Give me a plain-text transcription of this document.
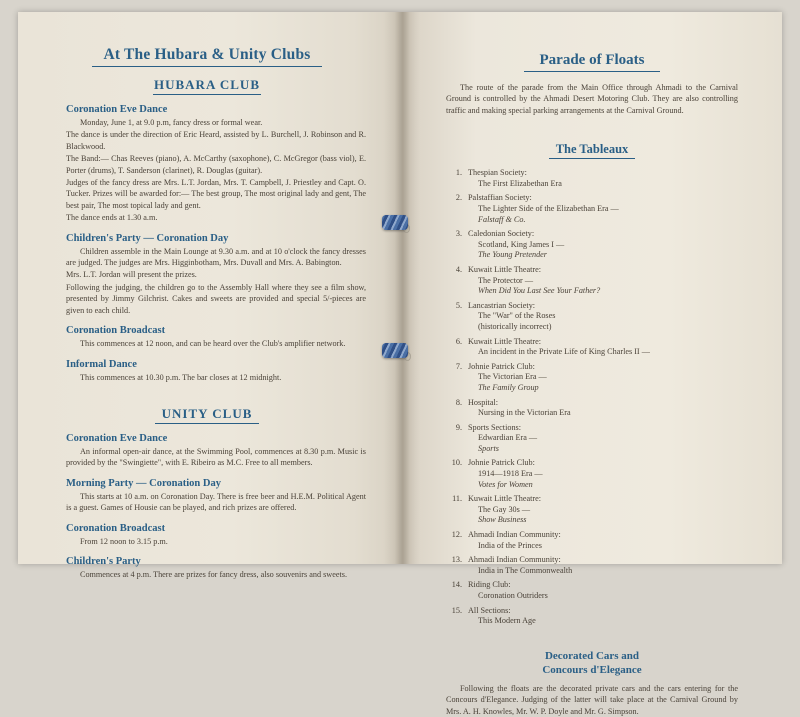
At The Hubara & Unity Clubs
HUBARA CLUB
Coronation Eve Dance

Monday, June 1, at 9.0 p.m, fancy dress or formal wear.

The dance is under the direction of Eric Heard, assisted by L. Burchell, J. Robinson and R. Blackwood.

The Band:— Chas Reeves (piano), A. McCarthy (saxophone), C. McGregor (bass viol), E. Porter (drums), T. Sanderson (clarinet), R. Douglas (guitar).

Judges of the fancy dress are Mrs. L.T. Jordan, Mrs. T. Campbell, J. Priestley and Capt. O. Tucker. Prizes will be awarded for:— The best group, The most original lady and gent, The best pair, The most topical lady and gent.

The dance ends at 1.30 a.m.

Children's Party — Coronation Day

Children assemble in the Main Lounge at 9.30 a.m. and at 10 o'clock the fancy dresses are judged. The judges are Mrs. Higginbotham, Mrs. Duvall and Mrs. A. Babington.

Mrs. L.T. Jordan will present the prizes.

Following the judging, the children go to the Assembly Hall where they see a film show, presented by Jimmy Gilchrist. Cakes and sweets are provided and special 5/-pieces are given to each child.

Coronation Broadcast

This commences at 12 noon, and can be heard over the Club's amplifier network.

Informal Dance

This commences at 10.30 p.m. The bar closes at 12 midnight.

UNITY CLUB
Coronation Eve Dance

An informal open-air dance, at the Swimming Pool, commences at 8.30 p.m. Music is provided by the "Swingiette", with E. Ribeiro as M.C. Free to all members.

Morning Party — Coronation Day

This starts at 10 a.m. on Coronation Day. There is free beer and H.E.M. Political Agent is a guest. Games of Housie can be played, and rich prizes are offered.

Coronation Broadcast

From 12 noon to 3.15 p.m.

Children's Party

Commences at 4 p.m. There are prizes for fancy dress, also souvenirs and sweets.

Parade of Floats

The route of the parade from the Main Office through Ahmadi to the Carnival Ground is controlled by the Ahmadi Desert Motoring Club. They are also controlling traffic and making special parking arrangements at the Carnival Ground.

The Tableaux
1. Thespian Society:
The First Elizabethan Era
2. Palstaffian Society:
The Lighter Side of the Elizabethan Era —
Falstaff & Co.
3. Caledonian Society:
Scotland, King James I —
The Young Pretender
4. Kuwait Little Theatre:
The Protector —
When Did You Last See Your Father?
5. Lancastrian Society:
The "War" of the Roses
(historically incorrect)
6. Kuwait Little Theatre:
An incident in the Private Life of King Charles II —
7. Johnie Patrick Club:
The Victorian Era —
The Family Group
8. Hospital:
Nursing in the Victorian Era
9. Sports Sections:
Edwardian Era —
Sports
10. Johnie Patrick Club:
1914—1918 Era —
Votes for Women
11. Kuwait Little Theatre:
The Gay 30s —
Show Business
12. Ahmadi Indian Community:
India of the Princes
13. Ahmadi Indian Community:
India in The Commonwealth
14. Riding Club:
Coronation Outriders
15. All Sections:
This Modern Age
Decorated Cars and
Concours d'Elegance

Following the floats are the decorated private cars and the cars entering for the Concours d'Elegance. Judging of the latter will take place at the Carnival Ground by Mrs. A. H. Knowles, Mr. W. P. Doyle and Mr. G. Simpson.
